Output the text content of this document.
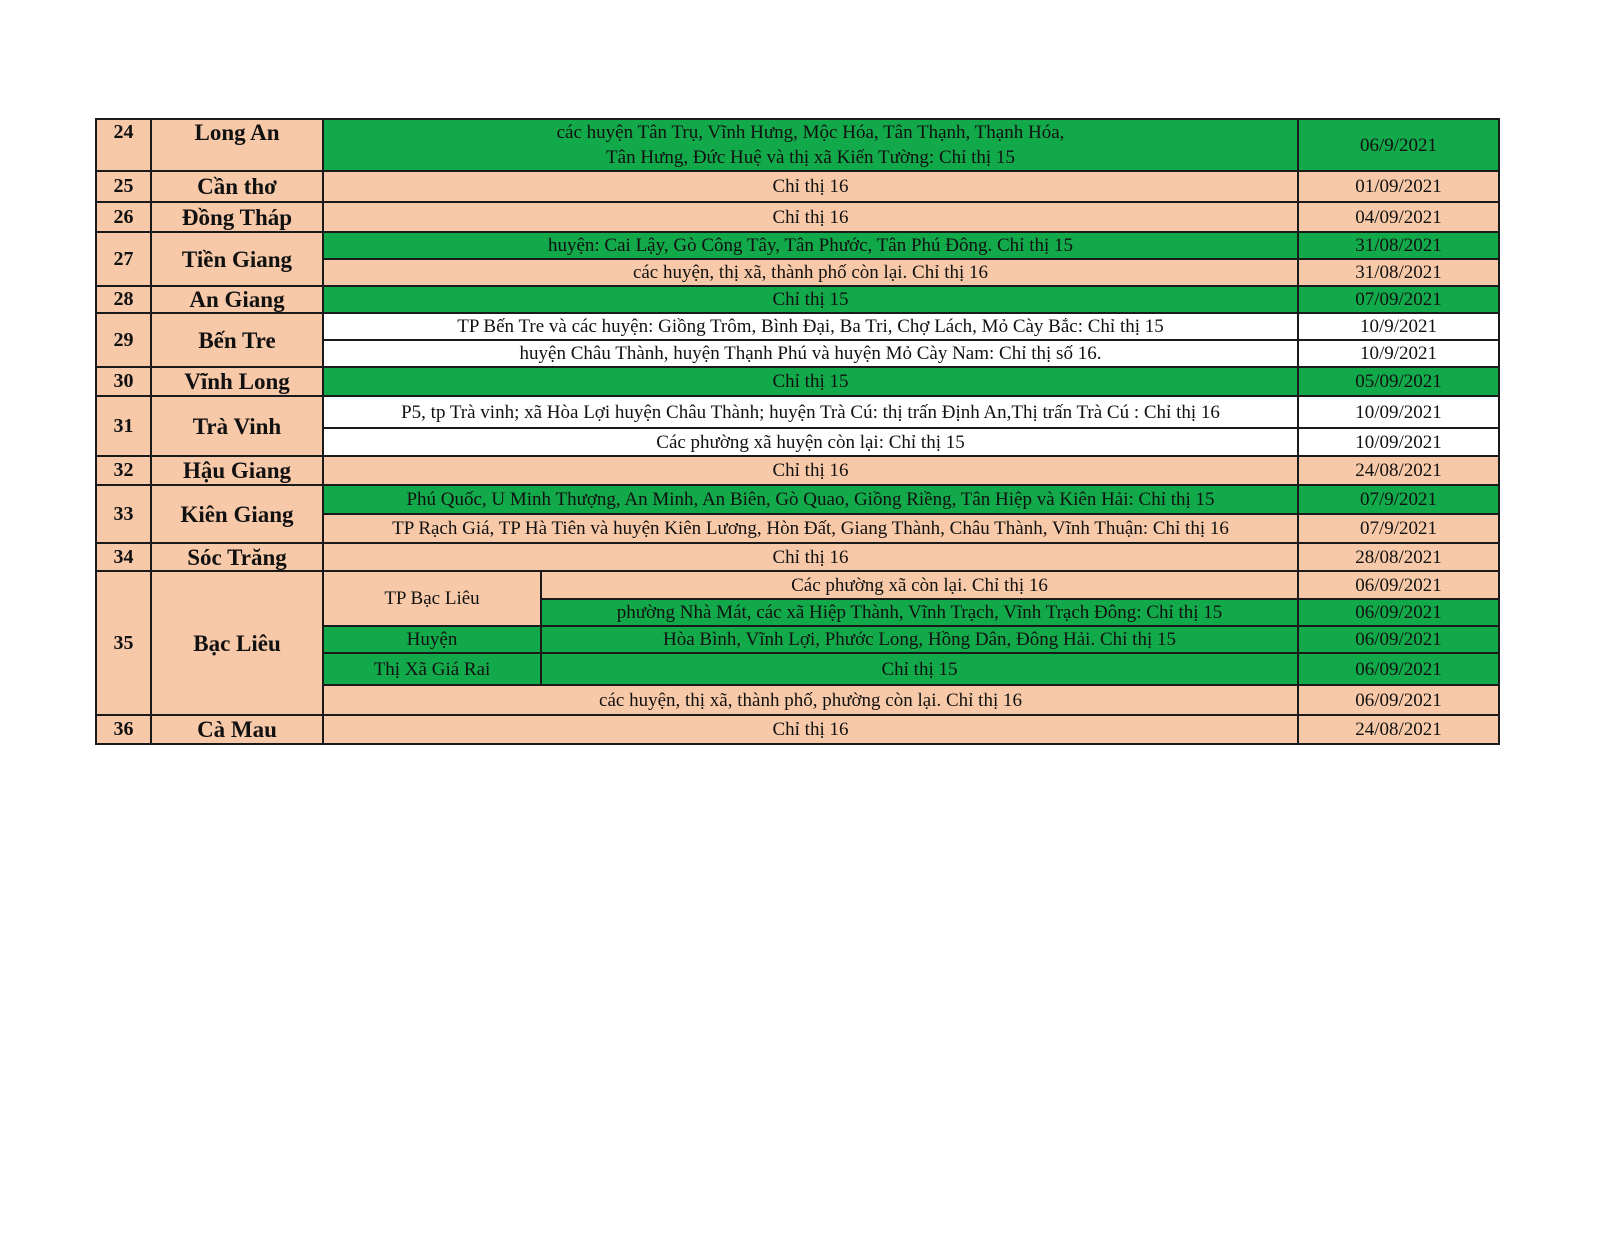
24	Long An	các huyện Tân Trụ, Vĩnh Hưng, Mộc Hóa, Tân Thạnh, Thạnh Hóa,
Tân Hưng, Đức Huệ và thị xã Kiến Tường: Chỉ thị 15		06/9/2021
25	Cần thơ	Chỉ thị 16		01/09/2021
26	Đồng Tháp	Chỉ thị 16		04/09/2021
27	Tiền Giang	huyện: Cai Lậy, Gò Công Tây, Tân Phước, Tân Phú Đông. Chỉ thị 15		31/08/2021
		các huyện, thị xã, thành phố còn lại. Chỉ thị 16		31/08/2021
28	An Giang	Chỉ thị 15		07/09/2021
29	Bến Tre	TP Bến Tre và các huyện: Giồng Trôm, Bình Đại, Ba Tri, Chợ Lách, Mỏ Cày Bắc: Chỉ thị 15		10/9/2021
		huyện Châu Thành, huyện Thạnh Phú và huyện Mỏ Cày Nam: Chỉ thị số 16.		10/9/2021
30	Vĩnh Long	Chỉ thị 15		05/09/2021
31	Trà Vinh	P5, tp Trà vinh; xã Hòa Lợi huyện Châu Thành; huyện Trà Cú: thị trấn Định An,Thị trấn Trà Cú : Chỉ thị 16		10/09/2021
		Các phường xã huyện còn lại: Chỉ thị 15		10/09/2021
32	Hậu Giang	Chỉ thị 16		24/08/2021
33	Kiên Giang	Phú Quốc, U Minh Thượng, An Minh, An Biên, Gò Quao, Giồng Riềng, Tân Hiệp và Kiên Hải: Chỉ thị 15		07/9/2021
		TP Rạch Giá, TP Hà Tiên và huyện Kiên Lương, Hòn Đất, Giang Thành, Châu Thành, Vĩnh Thuận: Chỉ thị 16		07/9/2021
34	Sóc Trăng	Chỉ thị 16		28/08/2021
35	Bạc Liêu	TP Bạc Liêu	Các phường xã còn lại. Chỉ thị 16	06/09/2021
			phường Nhà Mát, các xã Hiệp Thành, Vĩnh Trạch, Vĩnh Trạch Đông: Chỉ thị 15	06/09/2021
		Huyện	Hòa Bình, Vĩnh Lợi, Phước Long, Hồng Dân, Đông Hải. Chỉ thị 15	06/09/2021
		Thị Xã Giá Rai	Chỉ thị 15	06/09/2021
		các huyện, thị xã, thành phố, phường còn lại. Chỉ thị 16		06/09/2021
36	Cà Mau	Chỉ thị 16		24/08/2021
